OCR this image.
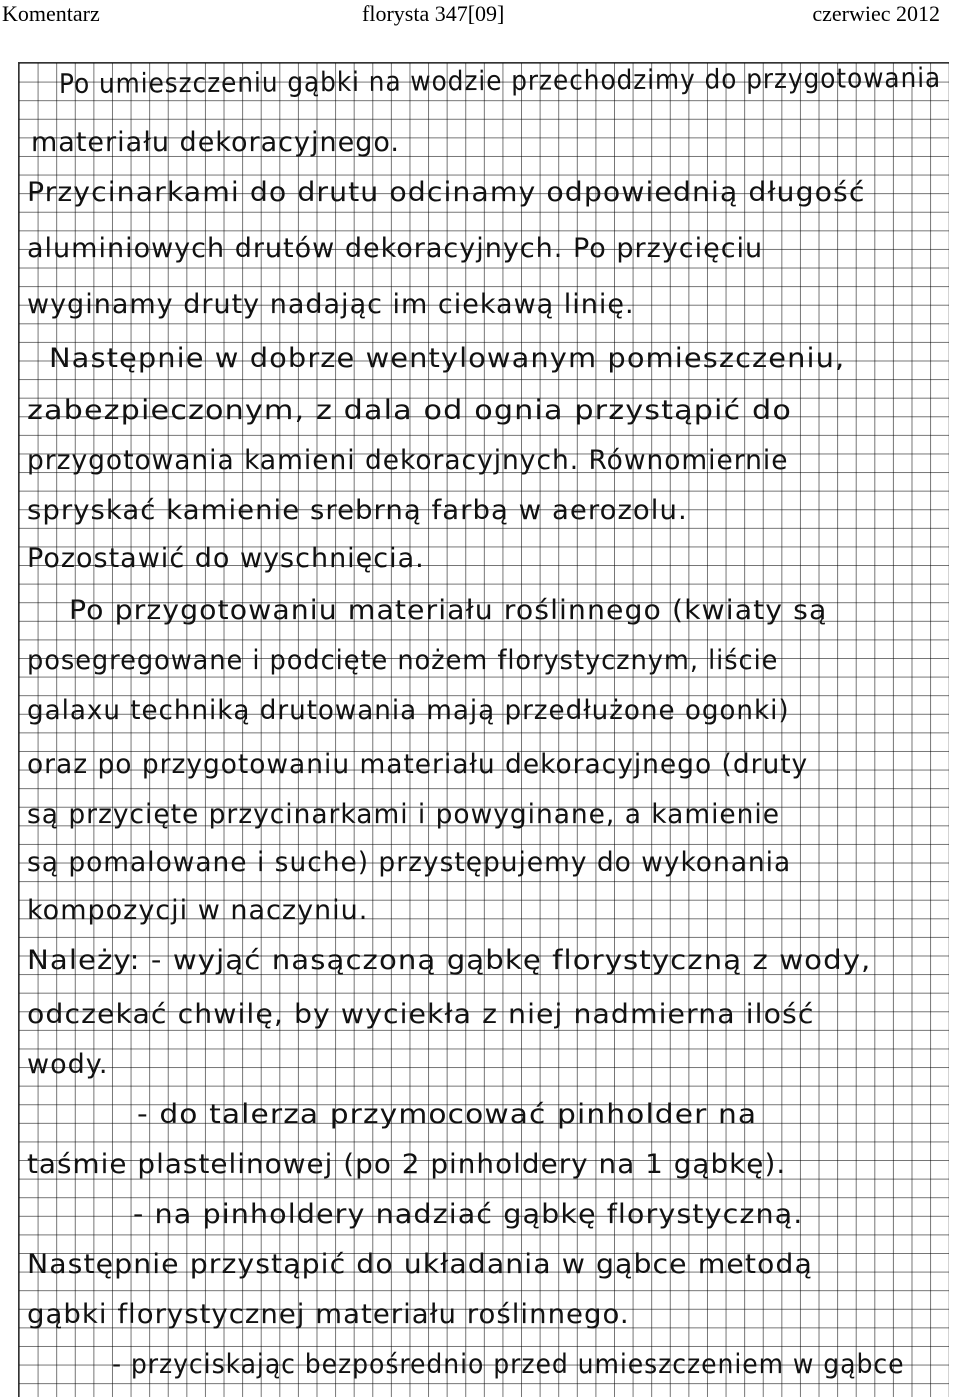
Komentarz	florysta 347[09]	czerwiec 2012
Po umieszczeniu gąbki na wodzie przechodzimy do przygotowania
materiału dekoracyjnego.
Przycinarkami do drutu odcinamy odpowiednią długość
aluminiowych drutów dekoracyjnych. Po przycięciu
wyginamy druty nadając im ciekawą linię.
Następnie w dobrze wentylowanym pomieszczeniu,
zabezpieczonym, z dala od ognia przystąpić do
przygotowania kamieni dekoracyjnych. Równomiernie
spryskać kamienie srebrną farbą w aerozolu.
Pozostawić do wyschnięcia.
Po przygotowaniu materiału roślinnego (kwiaty są
posegregowane i podcięte nożem florystycznym, liście
galaxu techniką drutowania mają przedłużone ogonki)
oraz po przygotowaniu materiału dekoracyjnego (druty
są przycięte przycinarkami i powyginane, a kamienie
są pomalowane i suche) przystępujemy do wykonania
kompozycji w naczyniu.
Należy: - wyjąć nasączoną gąbkę florystyczną z wody,
odczekać chwilę, by wyciekła z niej nadmierna ilość
wody.
- do talerza przymocować pinholder na
taśmie plastelinowej (po 2 pinholdery na 1 gąbkę).
- na pinholdery nadziać gąbkę florystyczną.
Następnie przystąpić do układania w gąbce metodą
gąbki florystycznej materiału roślinnego.
- przyciskając bezpośrednio przed umieszczeniem w gąbce
